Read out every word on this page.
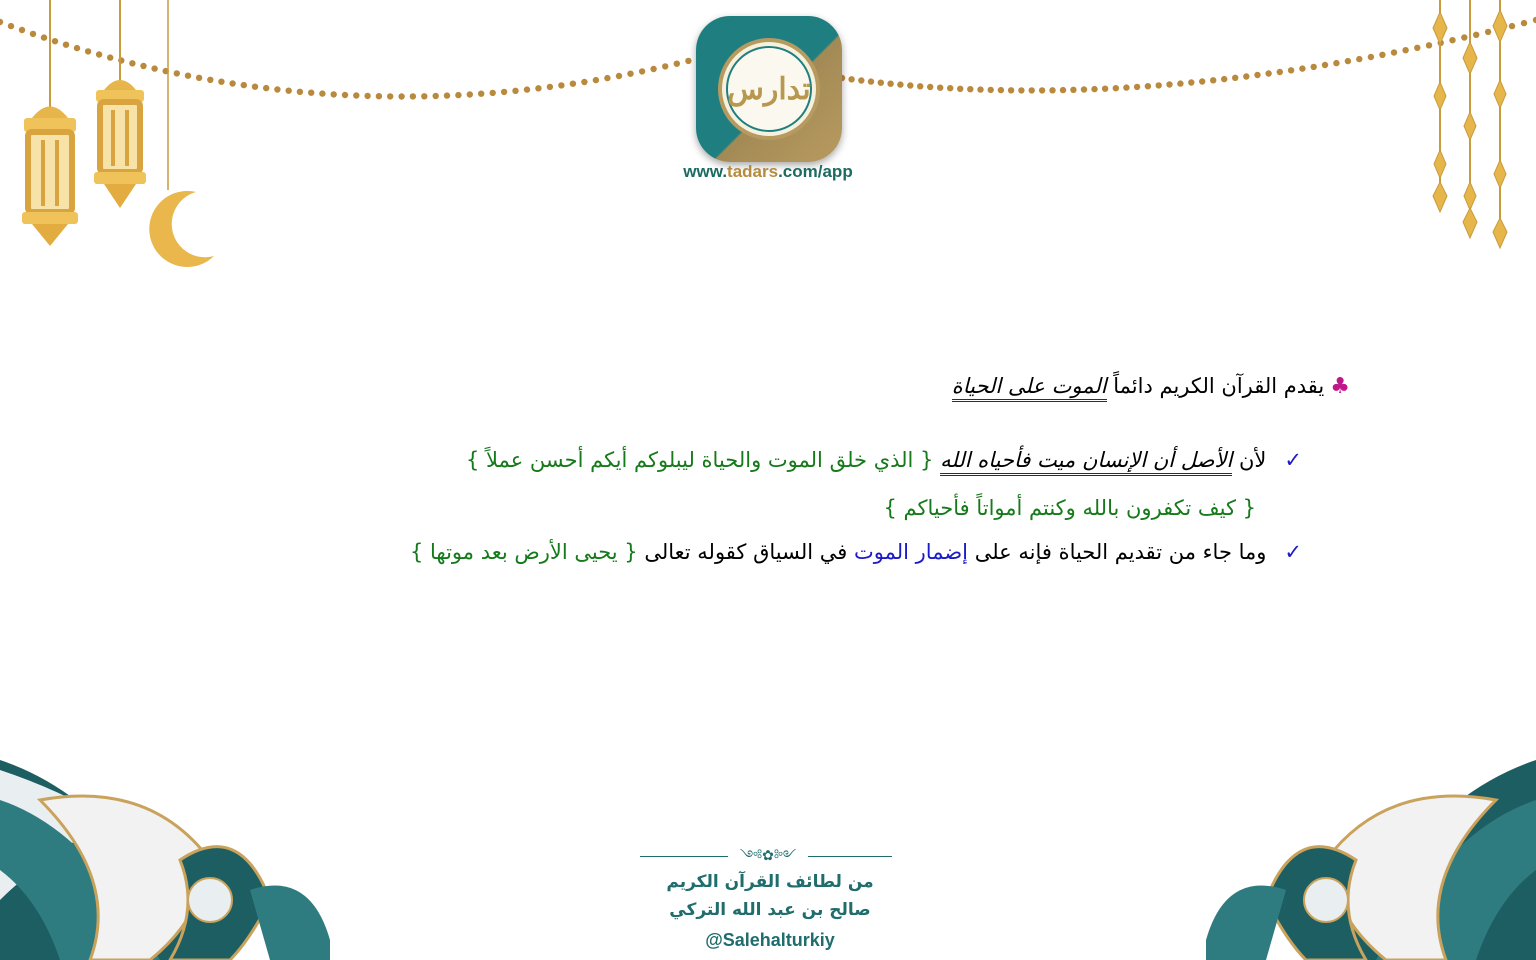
تدارس
www.tadars.com/app
♣يقدم القرآن الكريم دائماً الموت على الحياة
✓لأن الأصل أن الإنسان ميت فأحياه الله { الذي خلق الموت والحياة ليبلوكم أيكم أحسن عملاً }
{ كيف تكفرون بالله وكنتم أمواتاً فأحياكم }
✓وما جاء من تقديم الحياة فإنه على إضمار الموت في السياق كقوله تعالى { يحيى الأرض بعد موتها }
༺✿༻
من لطائف القرآن الكريم
صالح بن عبد الله التركي
@Salehalturkiy
